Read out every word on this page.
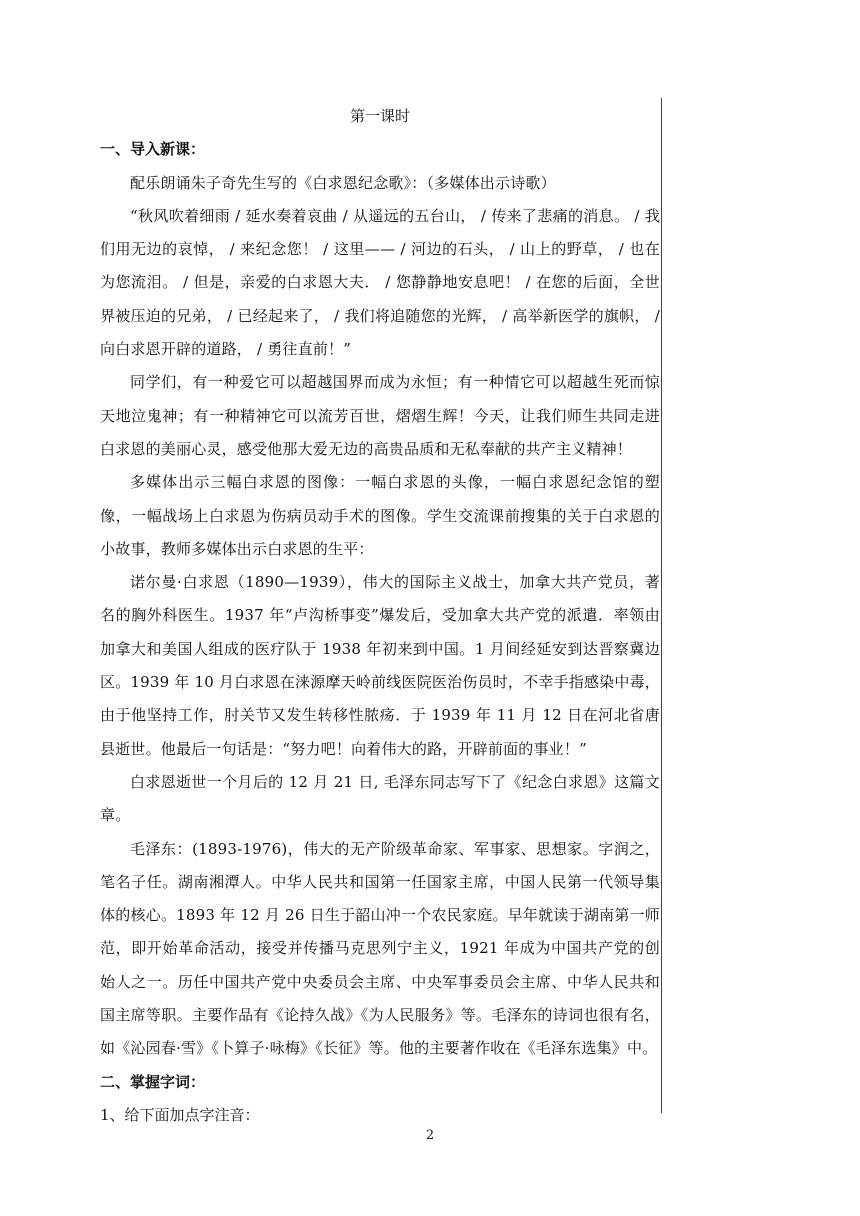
第一课时

一、导入新课：

配乐朗诵朱子奇先生写的《白求恩纪念歌》：（多媒体出示诗歌）

“秋风吹着细雨 / 延水奏着哀曲 / 从遥远的五台山， / 传来了悲痛的消息。 / 我们用无边的哀悼， / 来纪念您！ / 这里—— / 河边的石头， / 山上的野草， / 也在为您流泪。 / 但是，亲爱的白求恩大夫． / 您静静地安息吧！ / 在您的后面，全世界被压迫的兄弟， / 已经起来了， / 我们将追随您的光辉， / 高举新医学的旗帜， / 向白求恩开辟的道路， / 勇往直前！”

同学们，有一种爱它可以超越国界而成为永恒；有一种情它可以超越生死而惊天地泣鬼神；有一种精神它可以流芳百世，熠熠生辉！今天，让我们师生共同走进白求恩的美丽心灵，感受他那大爱无边的高贵品质和无私奉献的共产主义精神！

多媒体出示三幅白求恩的图像：一幅白求恩的头像，一幅白求恩纪念馆的塑像，一幅战场上白求恩为伤病员动手术的图像。学生交流课前搜集的关于白求恩的小故事，教师多媒体出示白求恩的生平：

诺尔曼·白求恩（1890—1939），伟大的国际主义战士，加拿大共产党员，著名的胸外科医生。1937 年“卢沟桥事变”爆发后，受加拿大共产党的派遣．率领由加拿大和美国人组成的医疗队于 1938 年初来到中国。1 月间经延安到达晋察冀边区。1939 年 10 月白求恩在涞源摩天岭前线医院医治伤员时，不幸手指感染中毒，由于他坚持工作，肘关节又发生转移性脓疡．于 1939 年 11 月 12 日在河北省唐县逝世。他最后一句话是：“努力吧！向着伟大的路，开辟前面的事业！”

白求恩逝世一个月后的 12 月 21 日, 毛泽东同志写下了《纪念白求恩》这篇文章。

毛泽东：(1893-1976)，伟大的无产阶级革命家、军事家、思想家。字润之，笔名子任。湖南湘潭人。中华人民共和国第一任国家主席，中国人民第一代领导集体的核心。1893 年 12 月 26 日生于韶山冲一个农民家庭。早年就读于湖南第一师范，即开始革命活动，接受并传播马克思列宁主义，1921 年成为中国共产党的创始人之一。历任中国共产党中央委员会主席、中央军事委员会主席、中华人民共和国主席等职。主要作品有《论持久战》《为人民服务》等。毛泽东的诗词也很有名，如《沁园春·雪》《卜算子·咏梅》《长征》等。他的主要著作收在《毛泽东选集》中。

二、掌握字词：

1、给下面加点字注音：

2
